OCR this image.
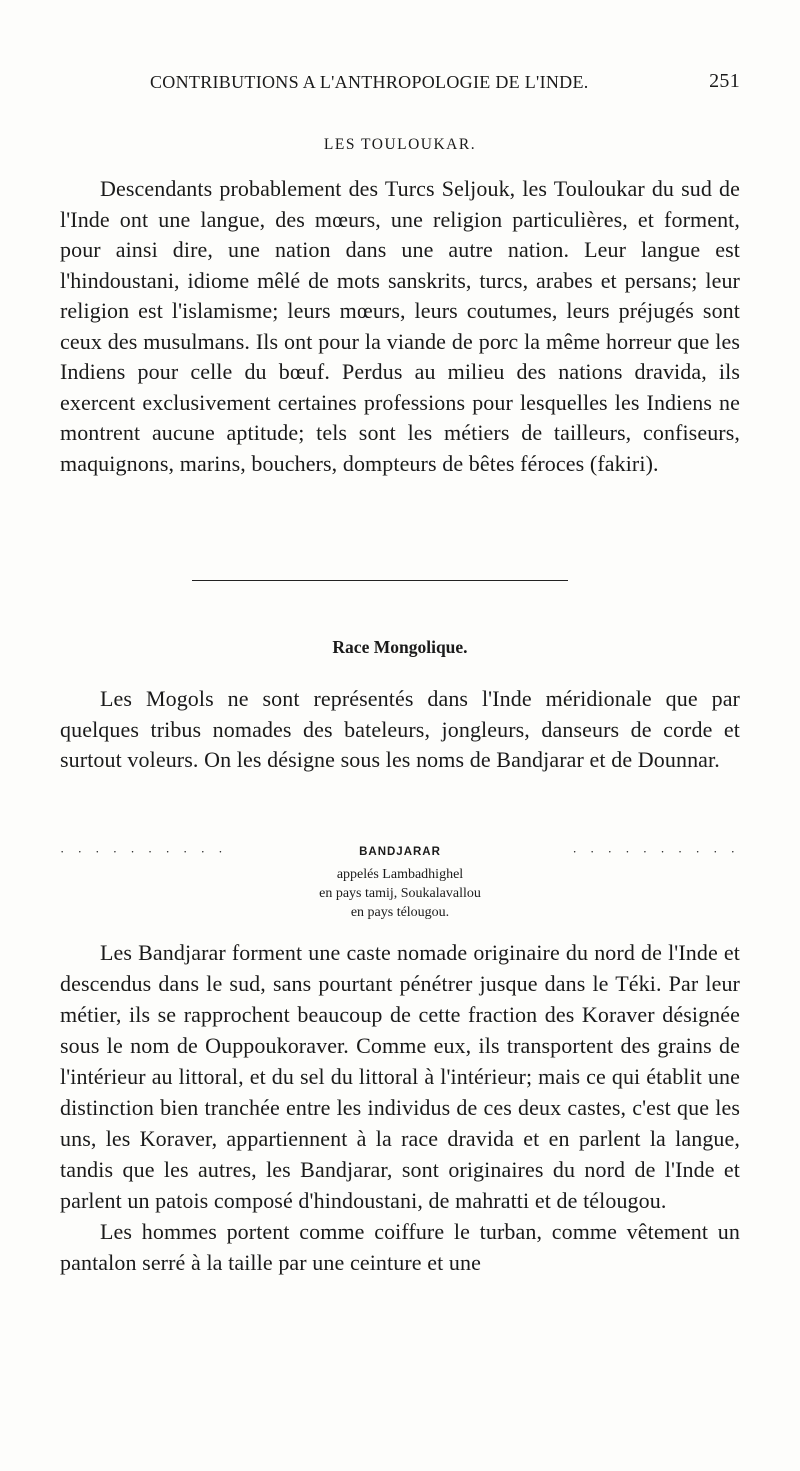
CONTRIBUTIONS A L'ANTHROPOLOGIE DE L'INDE.	251
LES TOULOUKAR.

Descendants probablement des Turcs Seljouk, les Touloukar du sud de l'Inde ont une langue, des mœurs, une religion particulières, et forment, pour ainsi dire, une nation dans une autre nation. Leur langue est l'hindoustani, idiome mêlé de mots sanskrits, turcs, arabes et persans; leur religion est l'islamisme; leurs mœurs, leurs coutumes, leurs préjugés sont ceux des musulmans. Ils ont pour la viande de porc la même horreur que les Indiens pour celle du bœuf. Perdus au milieu des nations dravida, ils exercent exclusivement certaines professions pour lesquelles les Indiens ne montrent aucune aptitude; tels sont les métiers de tailleurs, confiseurs, maquignons, marins, bouchers, dompteurs de bêtes féroces (fakiri).

Race Mongolique.

Les Mogols ne sont représentés dans l'Inde méridionale que par quelques tribus nomades des bateleurs, jongleurs, danseurs de corde et surtout voleurs. On les désigne sous les noms de Bandjarar et de Dounnar.

· · · · · · · · · ·	BANDJARAR	· · · · · · · · · ·
appelés Lambadhighel
en pays tamij, Soukalavallou
en pays télougou.

Les Bandjarar forment une caste nomade originaire du nord de l'Inde et descendus dans le sud, sans pourtant pénétrer jusque dans le Téki. Par leur métier, ils se rapprochent beaucoup de cette fraction des Koraver désignée sous le nom de Ouppoukoraver. Comme eux, ils transportent des grains de l'intérieur au littoral, et du sel du littoral à l'intérieur; mais ce qui établit une distinction bien tranchée entre les individus de ces deux castes, c'est que les uns, les Koraver, appartiennent à la race dravida et en parlent la langue, tandis que les autres, les Bandjarar, sont originaires du nord de l'Inde et parlent un patois composé d'hindoustani, de mahratti et de télougou.

Les hommes portent comme coiffure le turban, comme vêtement un pantalon serré à la taille par une ceinture et une
